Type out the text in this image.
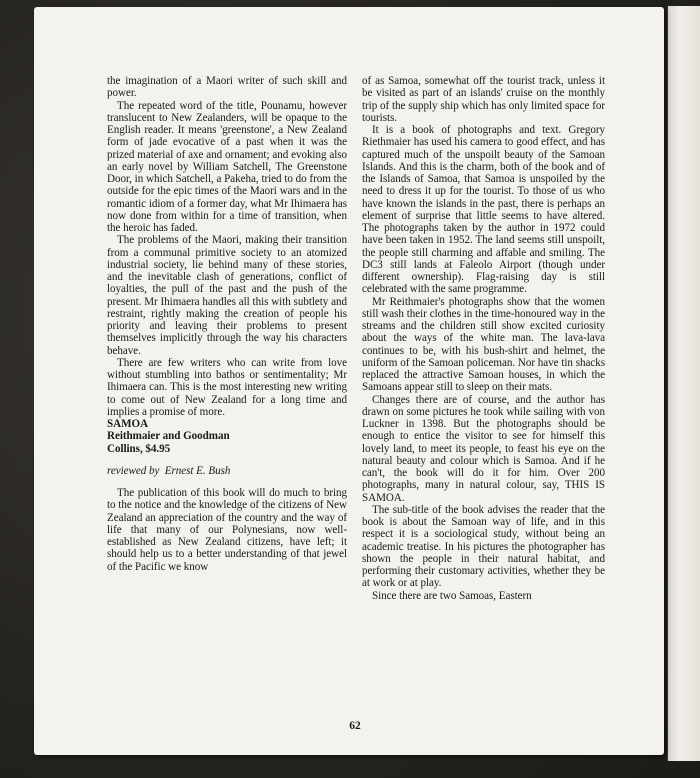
the imagination of a Maori writer of such skill and power.

The repeated word of the title, Pounamu, however translucent to New Zealanders, will be opaque to the English reader. It means 'greenstone', a New Zealand form of jade evocative of a past when it was the prized material of axe and ornament; and evoking also an early novel by William Satchell, The Greenstone Door, in which Satchell, a Pakeha, tried to do from the outside for the epic times of the Maori wars and in the romantic idiom of a former day, what Mr Ihimaera has now done from within for a time of transition, when the heroic has faded.

The problems of the Maori, making their transition from a communal primitive society to an atomized industrial society, lie behind many of these stories, and the inevitable clash of generations, conflict of loyalties, the pull of the past and the push of the present. Mr Ihimaera handles all this with subtlety and restraint, rightly making the creation of people his priority and leaving their problems to present themselves implicitly through the way his characters behave.

There are few writers who can write from love without stumbling into bathos or sentimentality; Mr Ihimaera can. This is the most interesting new writing to come out of New Zealand for a long time and implies a promise of more.

SAMOA

Reithmaier and Goodman

Collins, $4.95

reviewed by Ernest E. Bush

The publication of this book will do much to bring to the notice and the knowledge of the citizens of New Zealand an appreciation of the country and the way of life that many of our Polynesians, now well-established as New Zealand citizens, have left; it should help us to a better understanding of that jewel of the Pacific we know

of as Samoa, somewhat off the tourist track, unless it be visited as part of an islands' cruise on the monthly trip of the supply ship which has only limited space for tourists.

It is a book of photographs and text. Gregory Riethmaier has used his camera to good effect, and has captured much of the unspoilt beauty of the Samoan Islands. And this is the charm, both of the book and of the Islands of Samoa, that Samoa is unspoiled by the need to dress it up for the tourist. To those of us who have known the islands in the past, there is perhaps an element of surprise that little seems to have altered. The photographs taken by the author in 1972 could have been taken in 1952. The land seems still unspoilt, the people still charming and affable and smiling. The DC3 still lands at Faleolo Airport (though under different ownership). Flag-raising day is still celebrated with the same programme.

Mr Reithmaier's photographs show that the women still wash their clothes in the time-honoured way in the streams and the children still show excited curiosity about the ways of the white man. The lava-lava continues to be, with his bush-shirt and helmet, the uniform of the Samoan policeman. Nor have tin shacks replaced the attractive Samoan houses, in which the Samoans appear still to sleep on their mats.

Changes there are of course, and the author has drawn on some pictures he took while sailing with von Luckner in 1398. But the photographs should be enough to entice the visitor to see for himself this lovely land, to meet its people, to feast his eye on the natural beauty and colour which is Samoa. And if he can't, the book will do it for him. Over 200 photographs, many in natural colour, say, THIS IS SAMOA.

The sub-title of the book advises the reader that the book is about the Samoan way of life, and in this respect it is a sociological study, without being an academic treatise. In his pictures the photographer has shown the people in their natural habitat, and performing their customary activities, whether they be at work or at play.

Since there are two Samoas, Eastern

62
